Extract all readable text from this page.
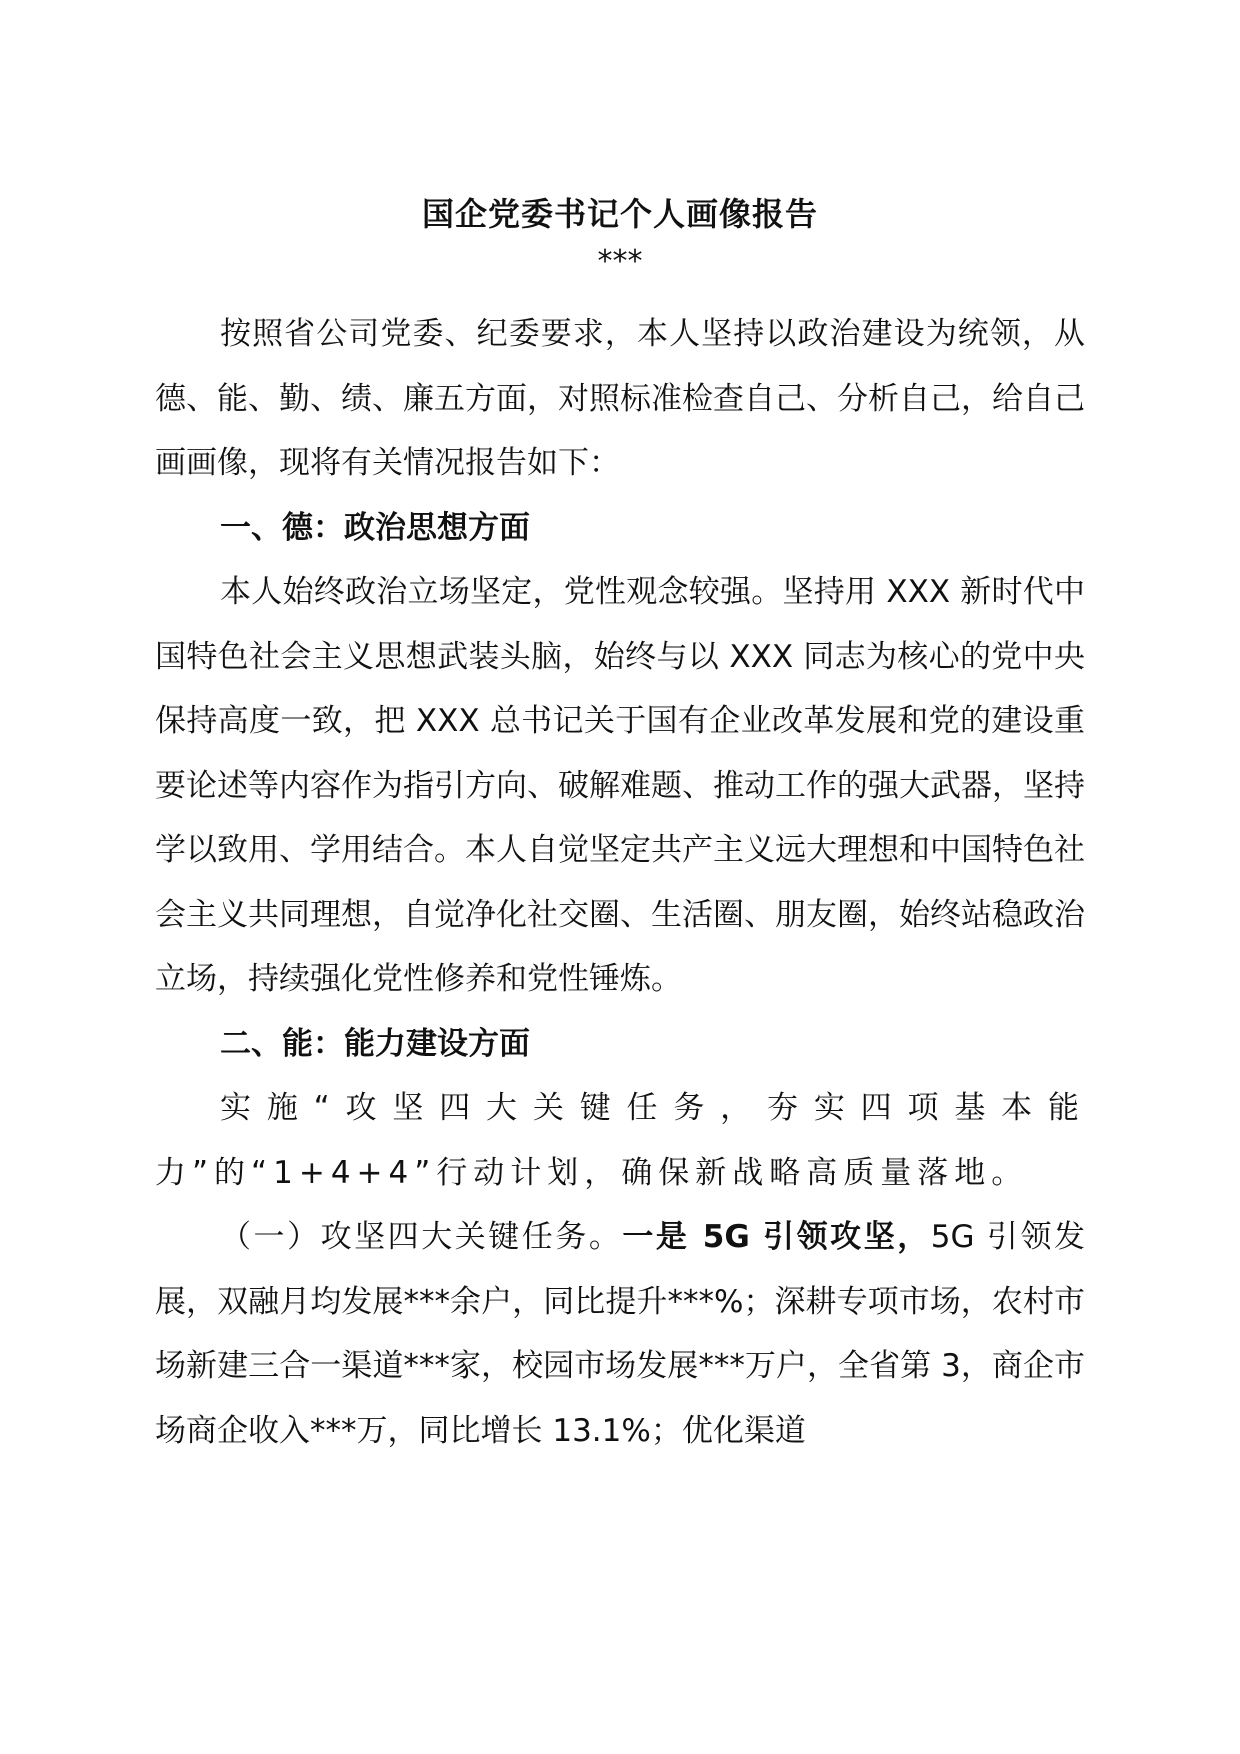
国企党委书记个人画像报告
***

按照省公司党委、纪委要求，本人坚持以政治建设为统领，从德、能、勤、绩、廉五方面，对照标准检查自己、分析自己，给自己画画像，现将有关情况报告如下：

一、德：政治思想方面

本人始终政治立场坚定，党性观念较强。坚持用 XXX 新时代中国特色社会主义思想武装头脑，始终与以 XXX 同志为核心的党中央保持高度一致，把 XXX 总书记关于国有企业改革发展和党的建设重要论述等内容作为指引方向、破解难题、推动工作的强大武器，坚持学以致用、学用结合。本人自觉坚定共产主义远大理想和中国特色社会主义共同理想，自觉净化社交圈、生活圈、朋友圈，始终站稳政治立场，持续强化党性修养和党性锤炼。

二、能：能力建设方面

实施“攻坚四大关键任务，夯实四项基本能力”的“1+4+4”行动计划，确保新战略高质量落地。

（一）攻坚四大关键任务。一是 5G 引领攻坚，5G 引领发展，双融月均发展***余户，同比提升***%；深耕专项市场，农村市场新建三合一渠道***家，校园市场发展***万户，全省第 3，商企市场商企收入***万，同比增长 13.1%；优化渠道
